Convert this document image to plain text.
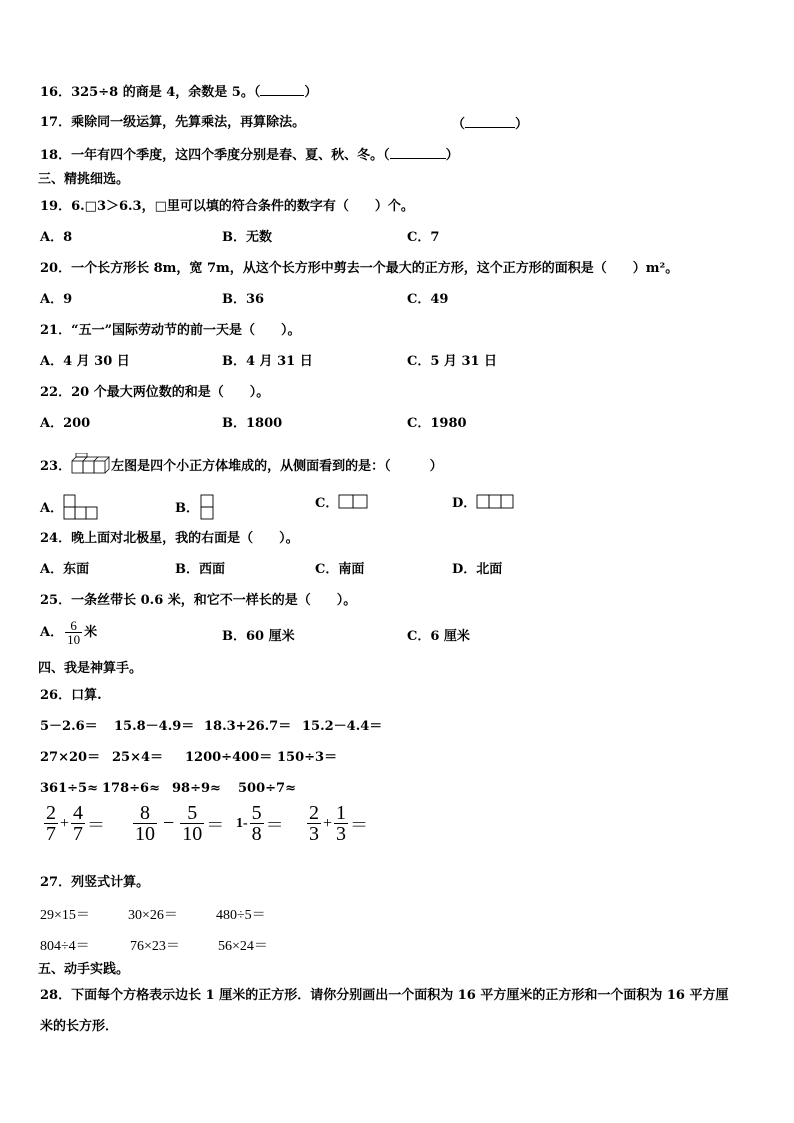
16．325÷8 的商是 4，余数是 5。（	）
17．乘除同一级运算，先算乘法，再算除法。	（	）
18．一年有四个季度，这四个季度分别是春、夏、秋、冬。（	）
三、精挑细选。
19．6.□3＞6.3，□里可以填的符合条件的数字有（　　）个。
A．8	B．无数	C．7
20．一个长方形长 8m，宽 7m，从这个长方形中剪去一个最大的正方形，这个正方形的面积是（　　）m²。
A．9	B．36	C．49
21．“五一”国际劳动节的前一天是（　　）。
A．4 月 30 日	B．4 月 31 日	C．5 月 31 日
22．20 个最大两位数的和是（　　）。
A．200	B．1800	C．1980
23．	左图是四个小正方体堆成的，从侧面看到的是：（　　　）
A．	B．	C．	D．
24．晚上面对北极星，我的右面是（　　）。
A．东面	B．西面	C．南面	D．北面
25．一条丝带长 0.6 米，和它不一样长的是（　　）。
A． $\frac{6}{10}$ 米	B．60 厘米	C．6 厘米
四、我是神算手。
26．口算.
5－2.6＝ 15.8－4.9＝ 18.3+26.7＝ 15.2－4.4＝
27×20＝ 25×4＝ 1200÷400＝ 150÷3＝
361÷5≈ 178÷6≈ 98÷9≈ 500÷7≈
$\frac{2}{7} + \frac{4}{7} = \frac{8}{10} - \frac{5}{10} = 1- \frac{5}{8} = \frac{2}{3} + \frac{1}{3}$ ＝
27．列竖式计算。
29×15＝	30×26＝	480÷5＝
804÷4＝	76×23＝	56×24＝
五、动手实践。
28．下面每个方格表示边长 1 厘米的正方形．请你分别画出一个面积为 16 平方厘米的正方形和一个面积为 16 平方厘
米的长方形．
